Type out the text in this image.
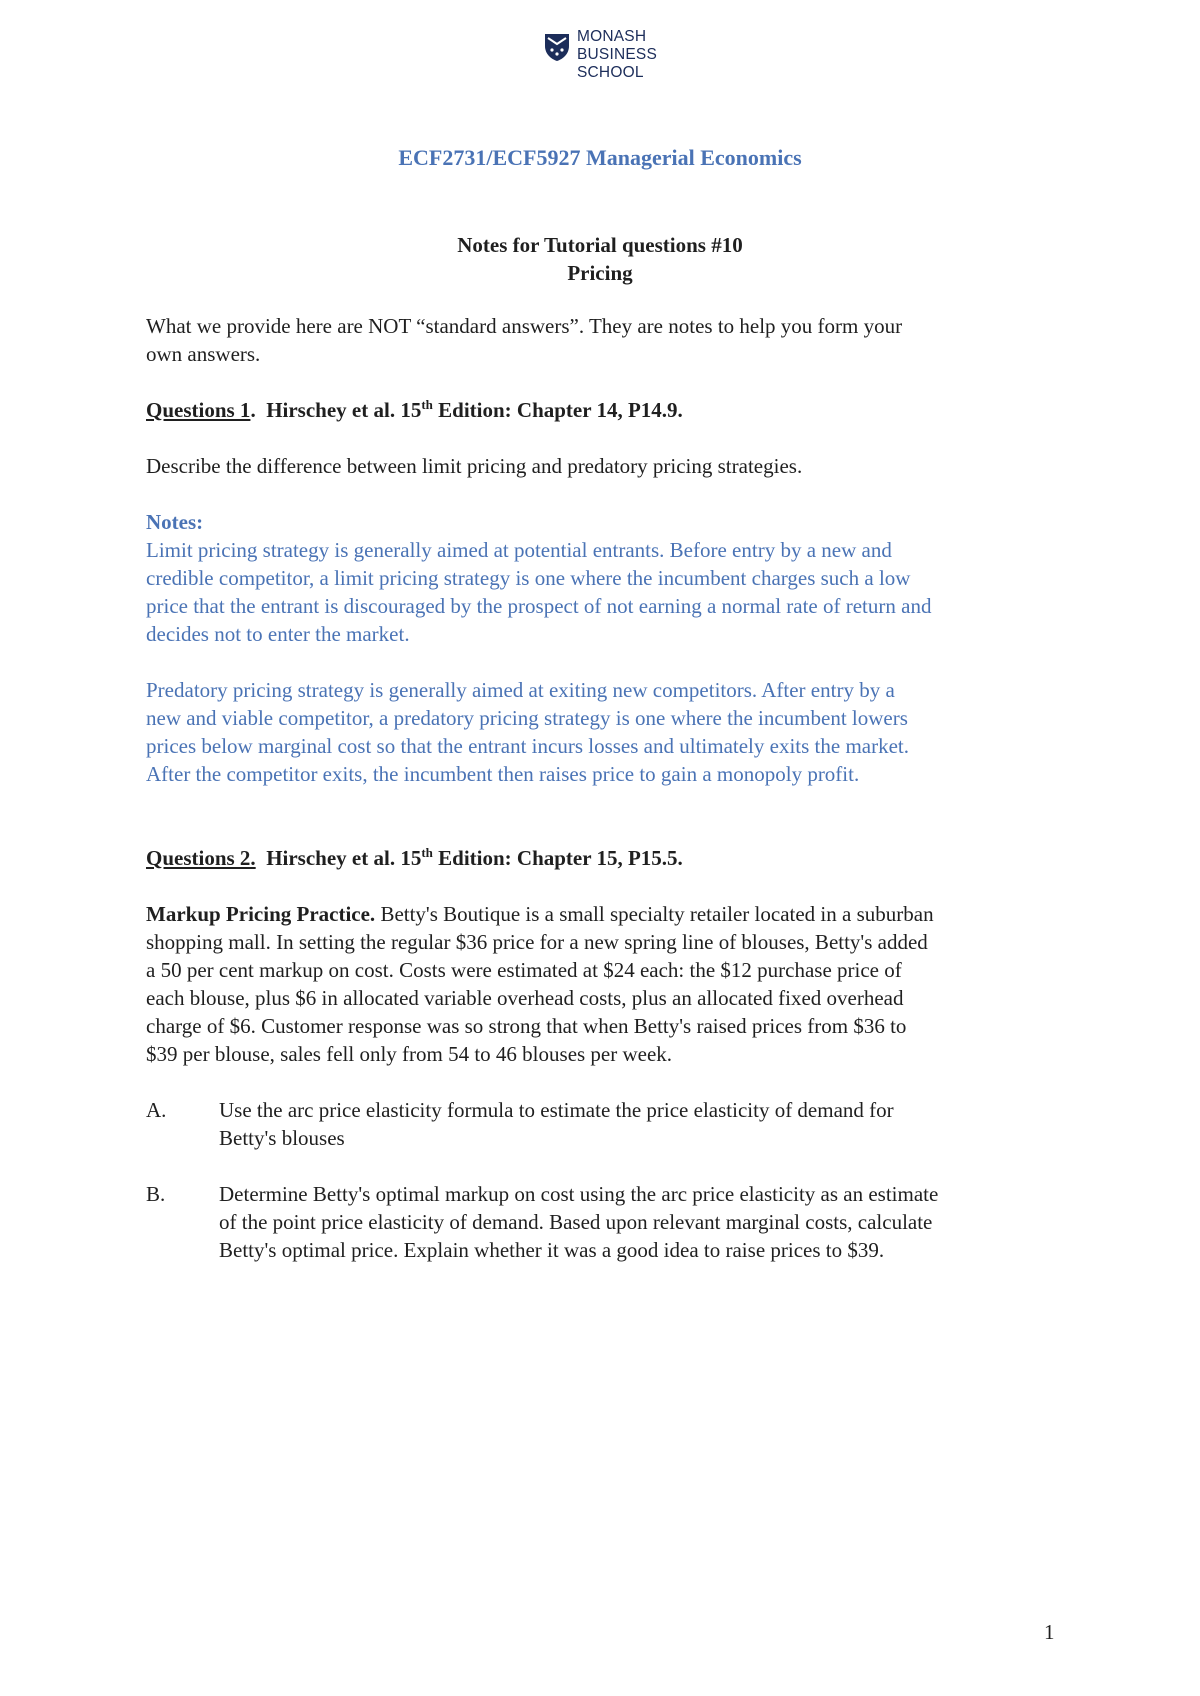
MONASH
BUSINESS
SCHOOL
ECF2731/ECF5927 Managerial Economics
Notes for Tutorial questions #10
Pricing

What we provide here are NOT “standard answers”. They are notes to help you form your

own answers.

Questions 1. Hirschey et al. 15th Edition: Chapter 14, P14.9.

Describe the difference between limit pricing and predatory pricing strategies.

Notes:

Limit pricing strategy is generally aimed at potential entrants. Before entry by a new and

credible competitor, a limit pricing strategy is one where the incumbent charges such a low

price that the entrant is discouraged by the prospect of not earning a normal rate of return and

decides not to enter the market.

Predatory pricing strategy is generally aimed at exiting new competitors. After entry by a

new and viable competitor, a predatory pricing strategy is one where the incumbent lowers

prices below marginal cost so that the entrant incurs losses and ultimately exits the market.

After the competitor exits, the incumbent then raises price to gain a monopoly profit.

Questions 2. Hirschey et al. 15th Edition: Chapter 15, P15.5.

Markup Pricing Practice. Betty's Boutique is a small specialty retailer located in a suburban

shopping mall. In setting the regular $36 price for a new spring line of blouses, Betty's added

a 50 per cent markup on cost. Costs were estimated at $24 each: the $12 purchase price of

each blouse, plus $6 in allocated variable overhead costs, plus an allocated fixed overhead

charge of $6. Customer response was so strong that when Betty's raised prices from $36 to

$39 per blouse, sales fell only from 54 to 46 blouses per week.

A.	Use the arc price elasticity formula to estimate the price elasticity of demand for

Betty's blouses

B.	Determine Betty's optimal markup on cost using the arc price elasticity as an estimate

of the point price elasticity of demand. Based upon relevant marginal costs, calculate

Betty's optimal price. Explain whether it was a good idea to raise prices to $39.

1
